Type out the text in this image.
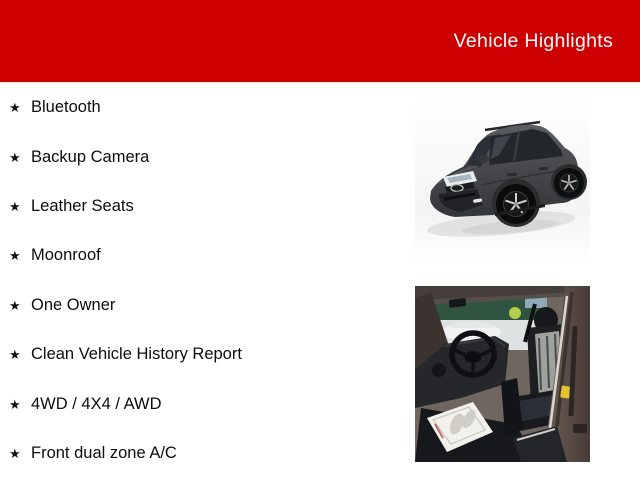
Vehicle Highlights
★ Bluetooth
★ Backup Camera
★ Leather Seats
★ Moonroof
★ One Owner
★ Clean Vehicle History Report
★ 4WD / 4X4 / AWD
★ Front dual zone A/C
